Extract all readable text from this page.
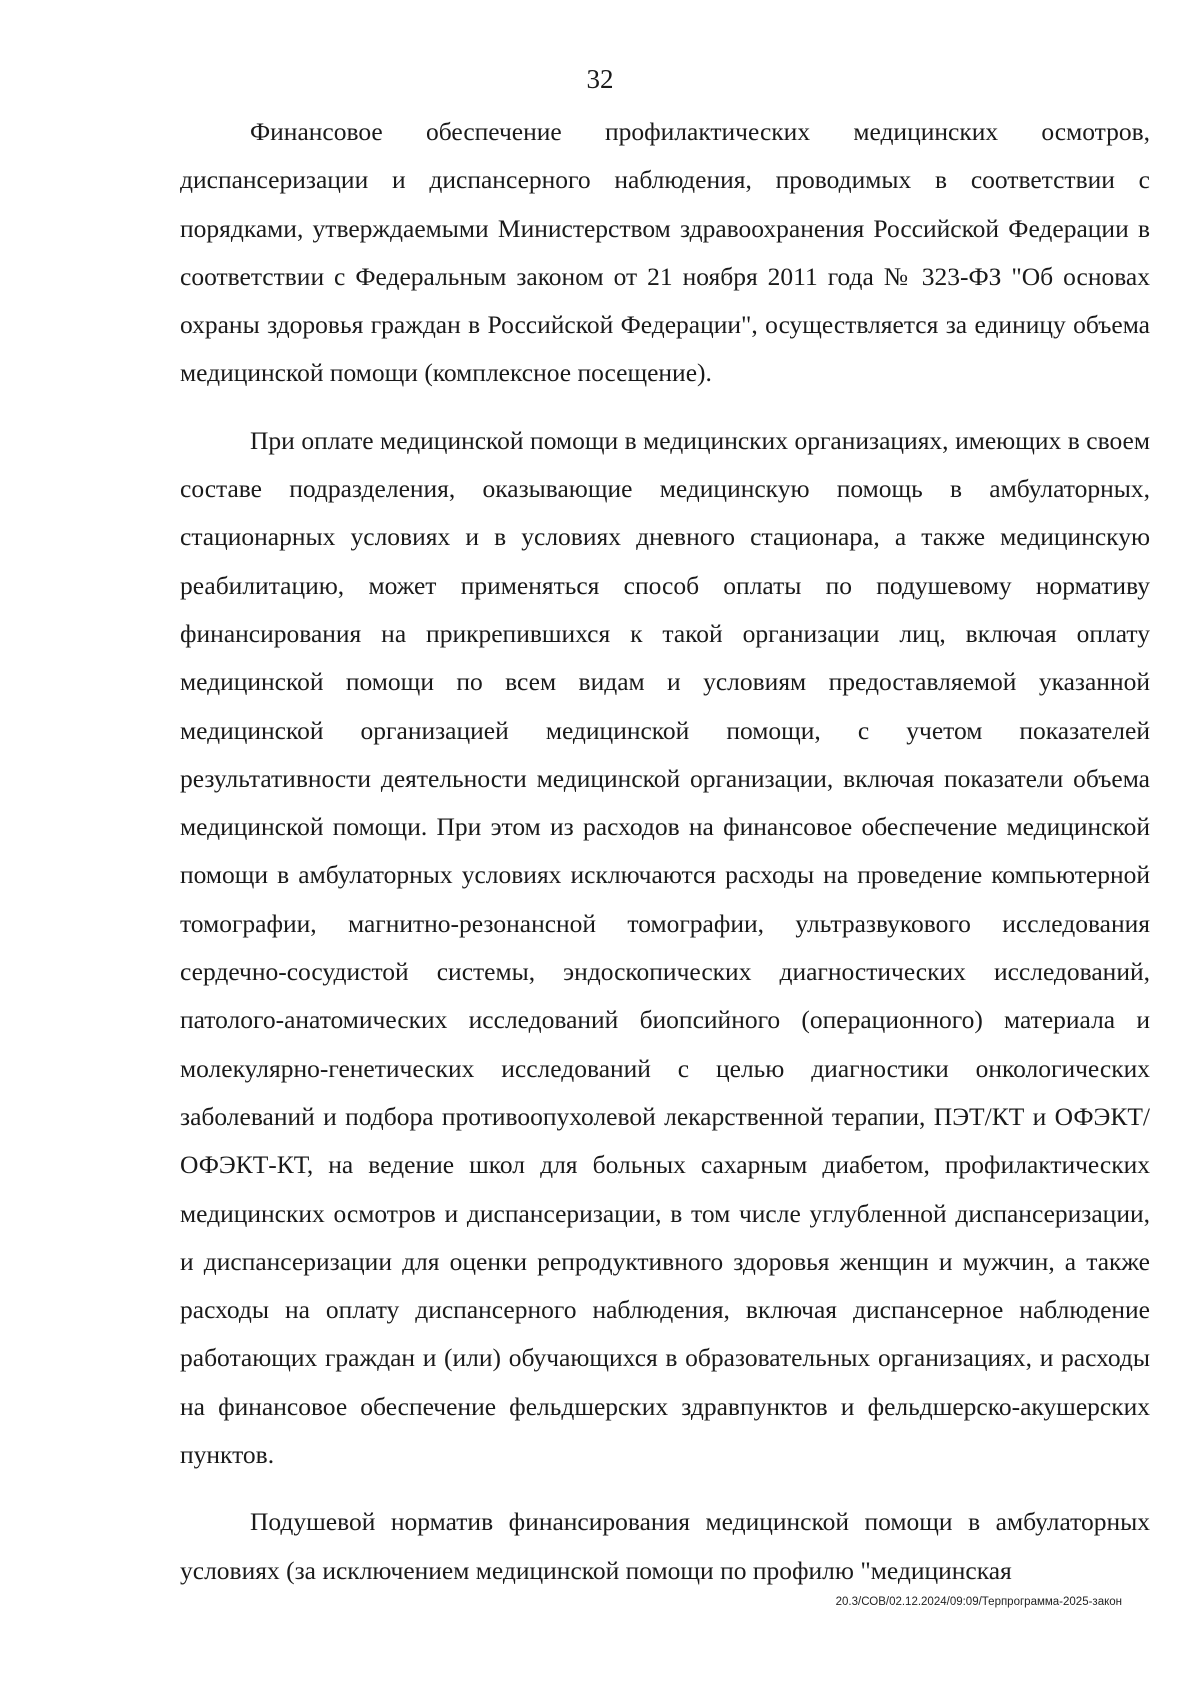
32

Финансовое обеспечение профилактических медицинских осмотров, диспансеризации и диспансерного наблюдения, проводимых в соответствии с порядками, утверждаемыми Министерством здравоохранения Российской Федерации в соответствии с Федеральным законом от 21 ноября 2011 года № 323-ФЗ "Об основах охраны здоровья граждан в Российской Федерации", осуществляется за единицу объема медицинской помощи (комплексное посещение).

При оплате медицинской помощи в медицинских организациях, имеющих в своем составе подразделения, оказывающие медицинскую помощь в амбулаторных, стационарных условиях и в условиях дневного стационара, а также медицинскую реабилитацию, может применяться способ оплаты по подушевому нормативу финансирования на прикрепившихся к такой организации лиц, включая оплату медицинской помощи по всем видам и условиям предоставляемой указанной медицинской организацией медицинской помощи, с учетом показателей результативности деятельности медицинской организации, включая показатели объема медицинской помощи. При этом из расходов на финансовое обеспечение медицинской помощи в амбулаторных условиях исключаются расходы на проведение компьютерной томографии, магнитно-резонансной томографии, ультразвукового исследования сердечно-сосудистой системы, эндоскопических диагностических исследований, патолого-анатомических исследований биопсийного (операционного) материала и молекулярно-генетических исследований с целью диагностики онкологических заболеваний и подбора противоопухолевой лекарственной терапии, ПЭТ/КТ и ОФЭКТ/ОФЭКТ-КТ, на ведение школ для больных сахарным диабетом, профилактических медицинских осмотров и диспансеризации, в том числе углубленной диспансеризации, и диспансеризации для оценки репродуктивного здоровья женщин и мужчин, а также расходы на оплату диспансерного наблюдения, включая диспансерное наблюдение работающих граждан и (или) обучающихся в образовательных организациях, и расходы на финансовое обеспечение фельдшерских здравпунктов и фельдшерско-акушерских пунктов.

Подушевой норматив финансирования медицинской помощи в амбулаторных условиях (за исключением медицинской помощи по профилю "медицинская

20.3/СОВ/02.12.2024/09:09/Терпрограмма-2025-закон
